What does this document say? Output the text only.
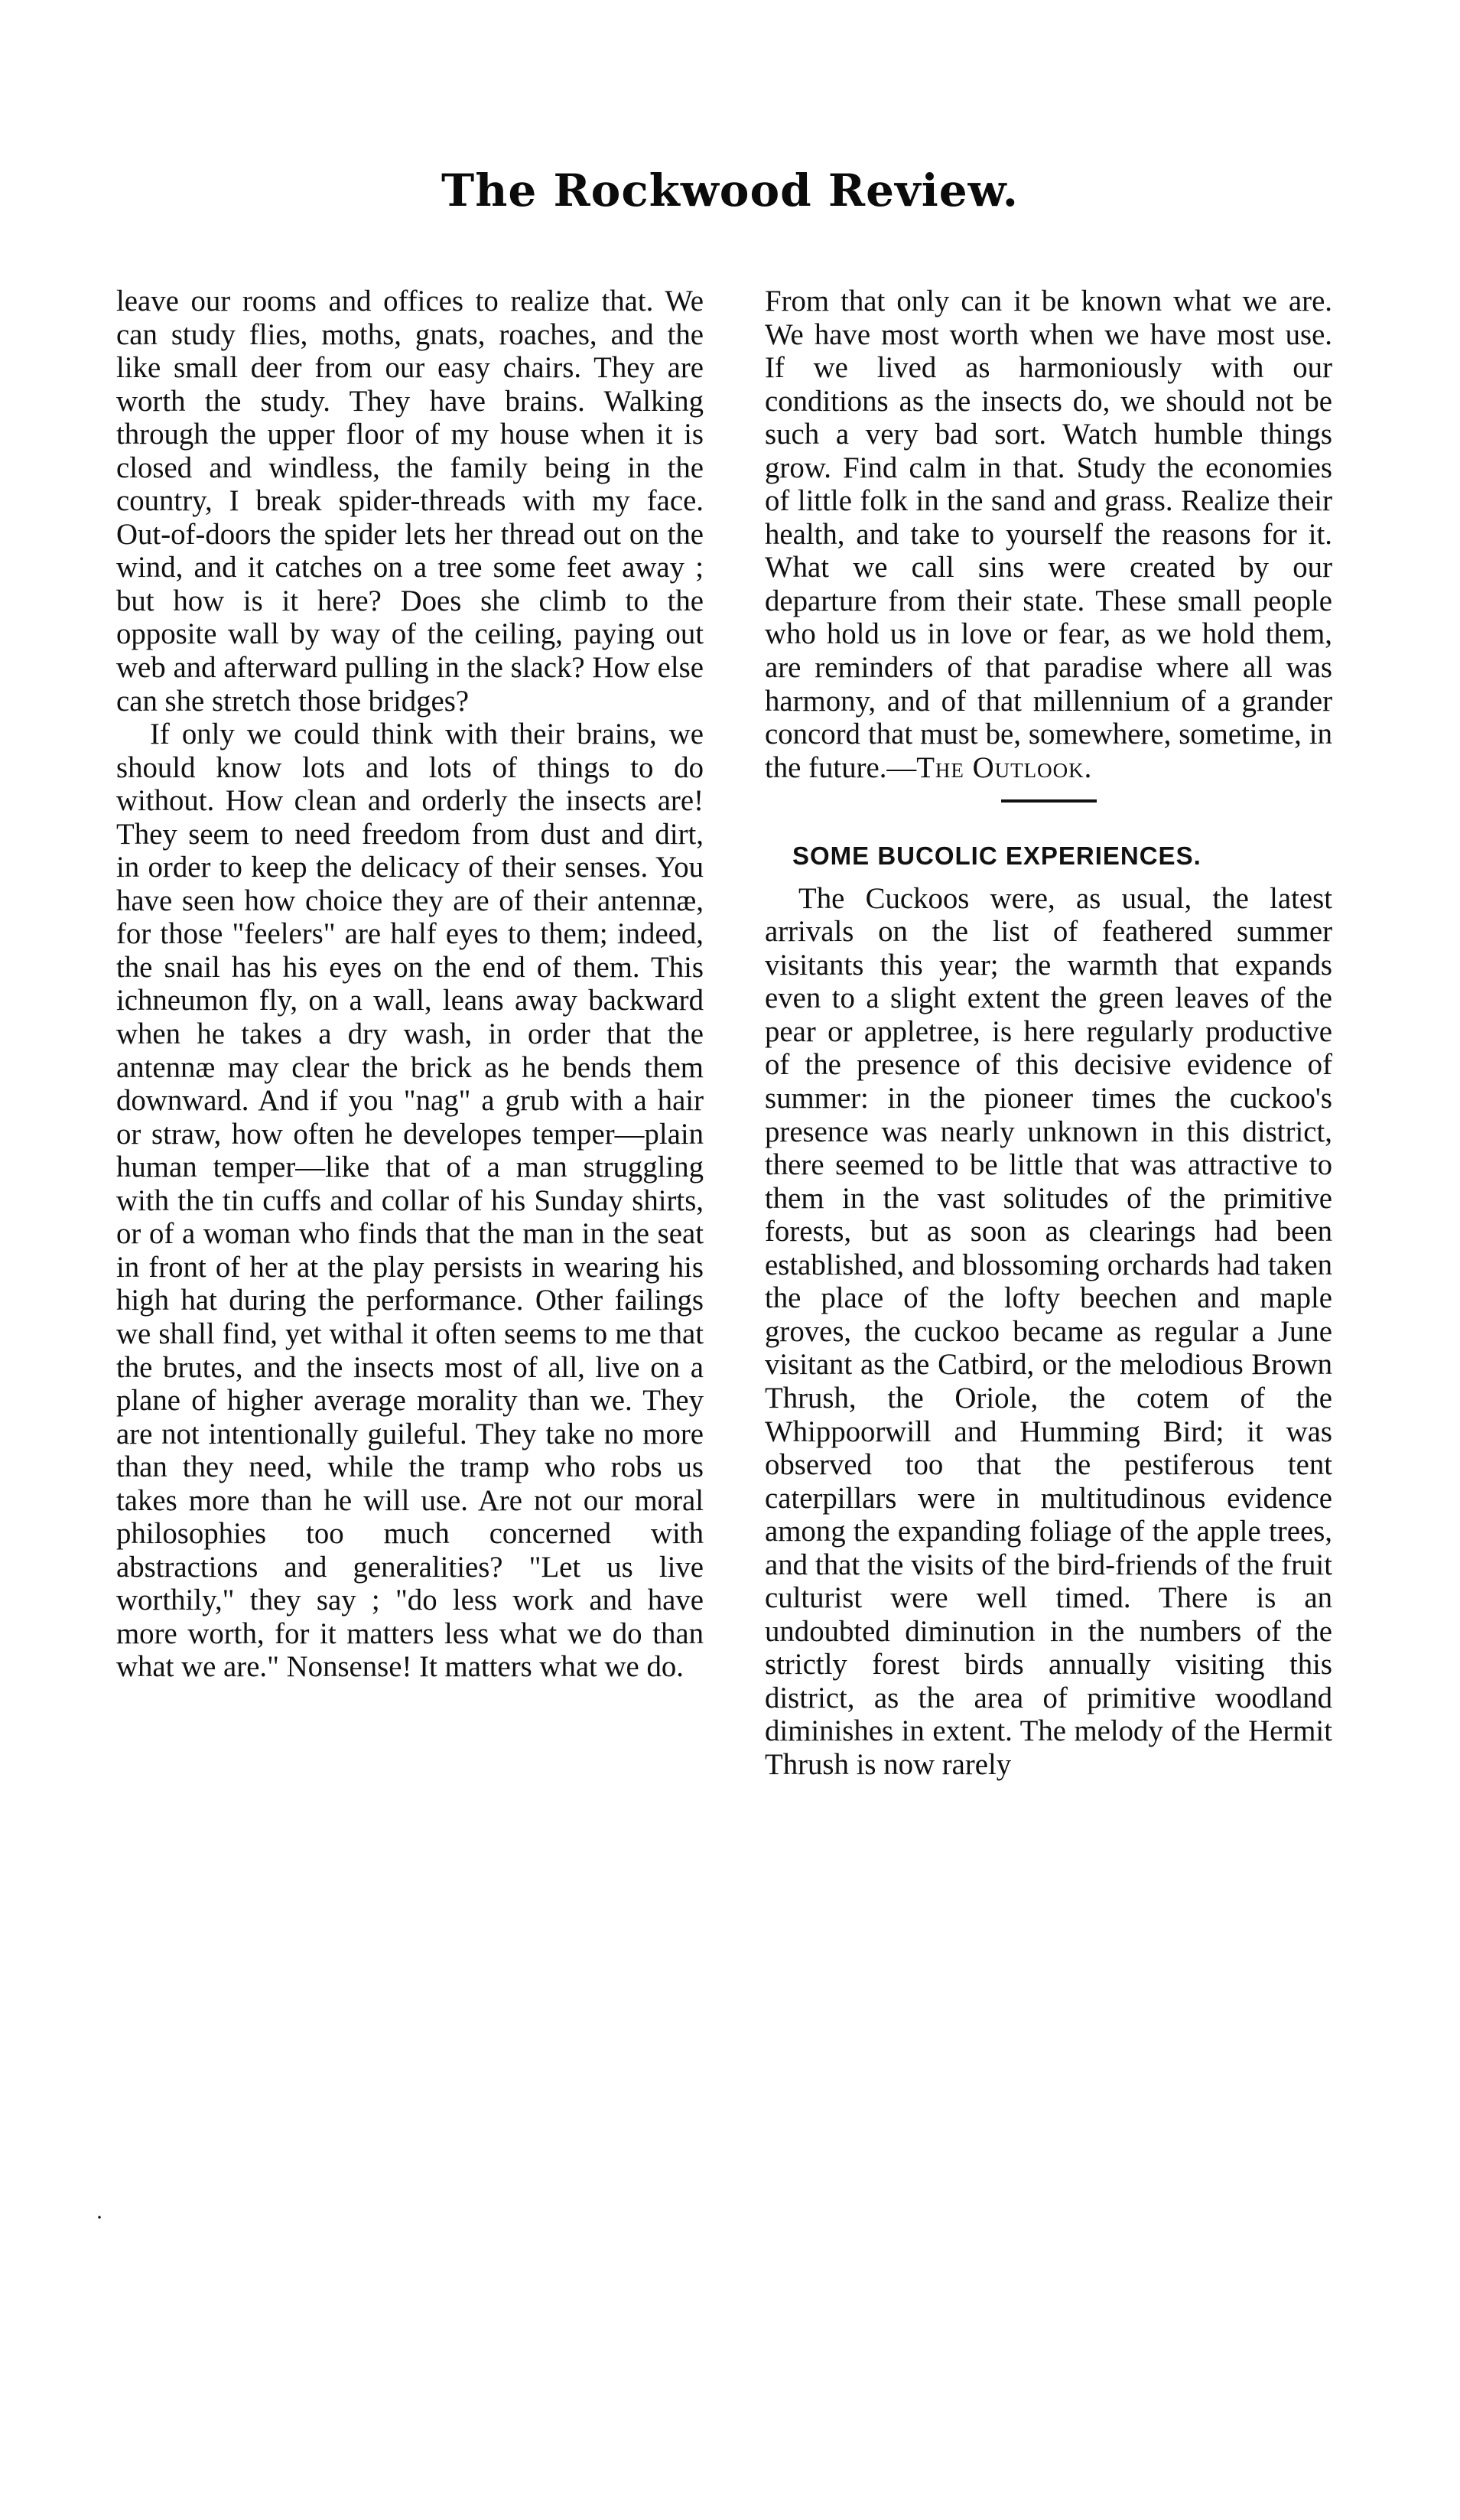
The Rockwood Review.

leave our rooms and offices to realize that. We can study flies, moths, gnats, roaches, and the like small deer from our easy chairs. They are worth the study. They have brains. Walking through the upper floor of my house when it is closed and windless, the family being in the country, I break spider-threads with my face. Out-of-doors the spider lets her thread out on the wind, and it catches on a tree some feet away ; but how is it here? Does she climb to the opposite wall by way of the ceiling, paying out web and afterward pulling in the slack? How else can she stretch those bridges?

If only we could think with their brains, we should know lots and lots of things to do without. How clean and orderly the insects are! They seem to need freedom from dust and dirt, in order to keep the delicacy of their senses. You have seen how choice they are of their antennæ, for those "feelers" are half eyes to them; indeed, the snail has his eyes on the end of them. This ichneumon fly, on a wall, leans away backward when he takes a dry wash, in order that the antennæ may clear the brick as he bends them downward. And if you "nag" a grub with a hair or straw, how often he developes temper—plain human temper—like that of a man struggling with the tin cuffs and collar of his Sunday shirts, or of a woman who finds that the man in the seat in front of her at the play persists in wearing his high hat during the performance. Other failings we shall find, yet withal it often seems to me that the brutes, and the insects most of all, live on a plane of higher average morality than we. They are not intentionally guileful. They take no more than they need, while the tramp who robs us takes more than he will use. Are not our moral philosophies too much concerned with abstractions and generalities? "Let us live worthily," they say ; "do less work and have more worth, for it matters less what we do than what we are." Nonsense! It matters what we do.

·

From that only can it be known what we are. We have most worth when we have most use. If we lived as harmoniously with our conditions as the insects do, we should not be such a very bad sort. Watch humble things grow. Find calm in that. Study the economies of little folk in the sand and grass. Realize their health, and take to yourself the reasons for it. What we call sins were created by our departure from their state. These small people who hold us in love or fear, as we hold them, are reminders of that paradise where all was harmony, and of that millennium of a grander concord that must be, somewhere, sometime, in the future.—The Outlook.

SOME BUCOLIC EXPERIENCES.

The Cuckoos were, as usual, the latest arrivals on the list of feathered summer visitants this year; the warmth that expands even to a slight extent the green leaves of the pear or appletree, is here regularly productive of the presence of this decisive evidence of summer: in the pioneer times the cuckoo's presence was nearly unknown in this district, there seemed to be little that was attractive to them in the vast solitudes of the primitive forests, but as soon as clearings had been established, and blossoming orchards had taken the place of the lofty beechen and maple groves, the cuckoo became as regular a June visitant as the Catbird, or the melodious Brown Thrush, the Oriole, the cotem of the Whippoorwill and Humming Bird; it was observed too that the pestiferous tent caterpillars were in multitudinous evidence among the expanding foliage of the apple trees, and that the visits of the bird-friends of the fruit culturist were well timed. There is an undoubted diminution in the numbers of the strictly forest birds annually visiting this district, as the area of primitive woodland diminishes in extent. The melody of the Hermit Thrush is now rarely
